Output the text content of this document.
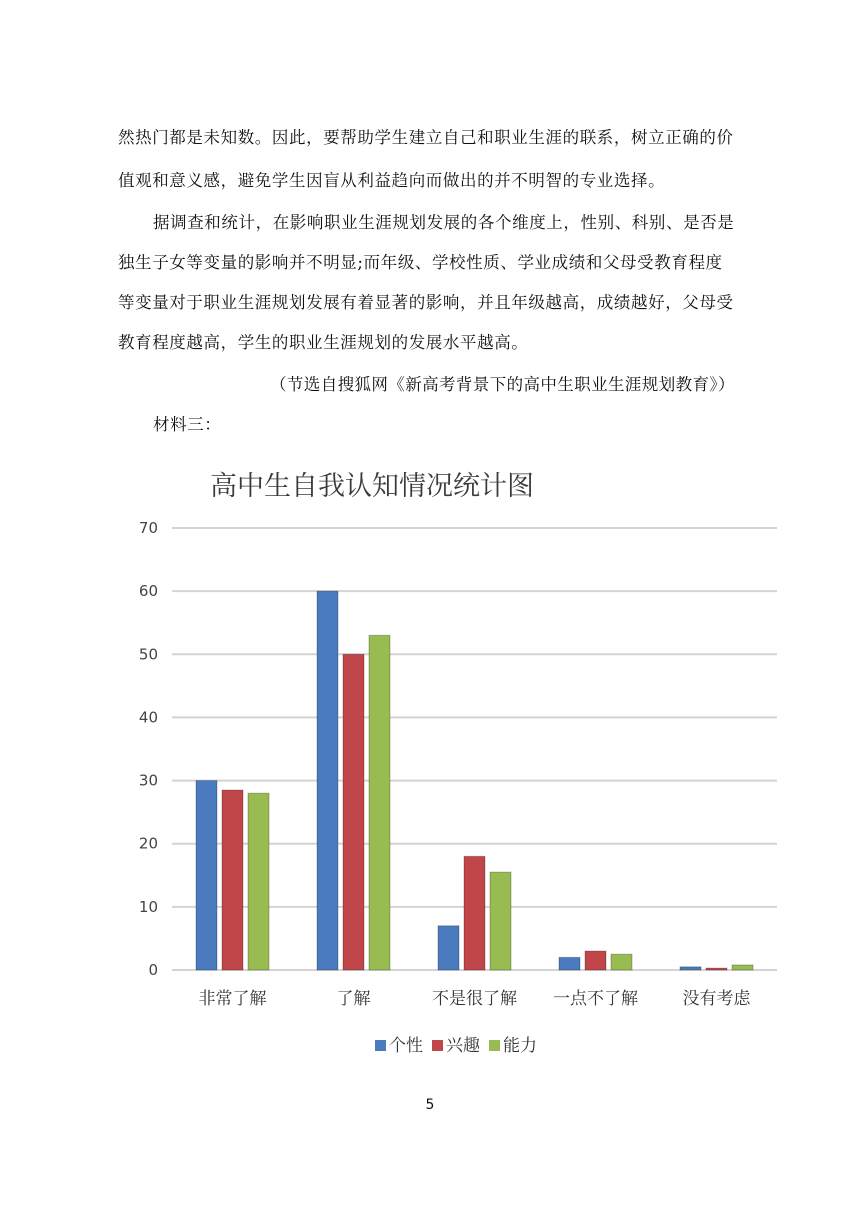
然热门都是未知数。因此，要帮助学生建立自己和职业生涯的联系，树立正确的价
值观和意义感，避免学生因盲从利益趋向而做出的并不明智的专业选择。
据调查和统计，在影响职业生涯规划发展的各个维度上，性别、科别、是否是
独生子女等变量的影响并不明显;而年级、学校性质、学业成绩和父母受教育程度
等变量对于职业生涯规划发展有着显著的影响，并且年级越高，成绩越好，父母受
教育程度越高，学生的职业生涯规划的发展水平越高。
（节选自搜狐网《新高考背景下的高中生职业生涯规划教育》）
材料三：
高中生自我认知情况统计图
0
10
20
30
40
50
60
70
非常了解	了解	不是很了解 一点不了解	没有考虑
个性 兴趣 能力
5
